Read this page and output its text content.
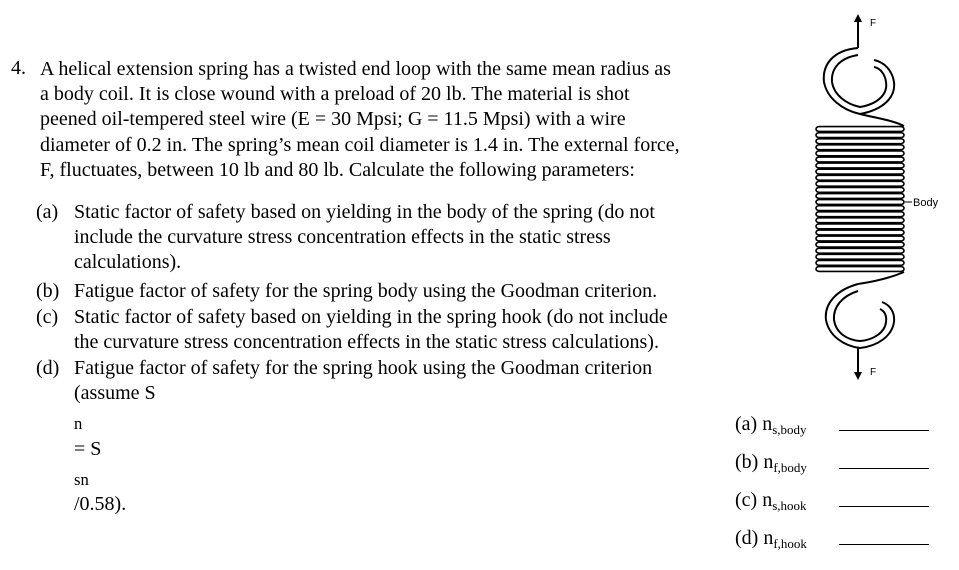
4. A helical extension spring has a twisted end loop with the same mean radius as
a body coil. It is close wound with a preload of 20 lb. The material is shot
peened oil-tempered steel wire (E = 30 Mpsi; G = 11.5 Mpsi) with a wire
diameter of 0.2 in. The spring’s mean coil diameter is 1.4 in. The external force,
F, fluctuates, between 10 lb and 80 lb. Calculate the following parameters:
(a) Static factor of safety based on yielding in the body of the spring (do not
include the curvature stress concentration effects in the static stress
calculations).
(b) Fatigue factor of safety for the spring body using the Goodman criterion.
(c) Static factor of safety based on yielding in the spring hook (do not include
the curvature stress concentration effects in the static stress calculations).
(d) Fatigue factor of safety for the spring hook using the Goodman criterion
(assume S
$_n$
= S
$_{sn}$
/0.58).
(a) $n_{s,body}$
(b) $n_{f,body}$
(c) $n_{s,hook}$
(d) $n_{f,hook}$
F
F
Body
